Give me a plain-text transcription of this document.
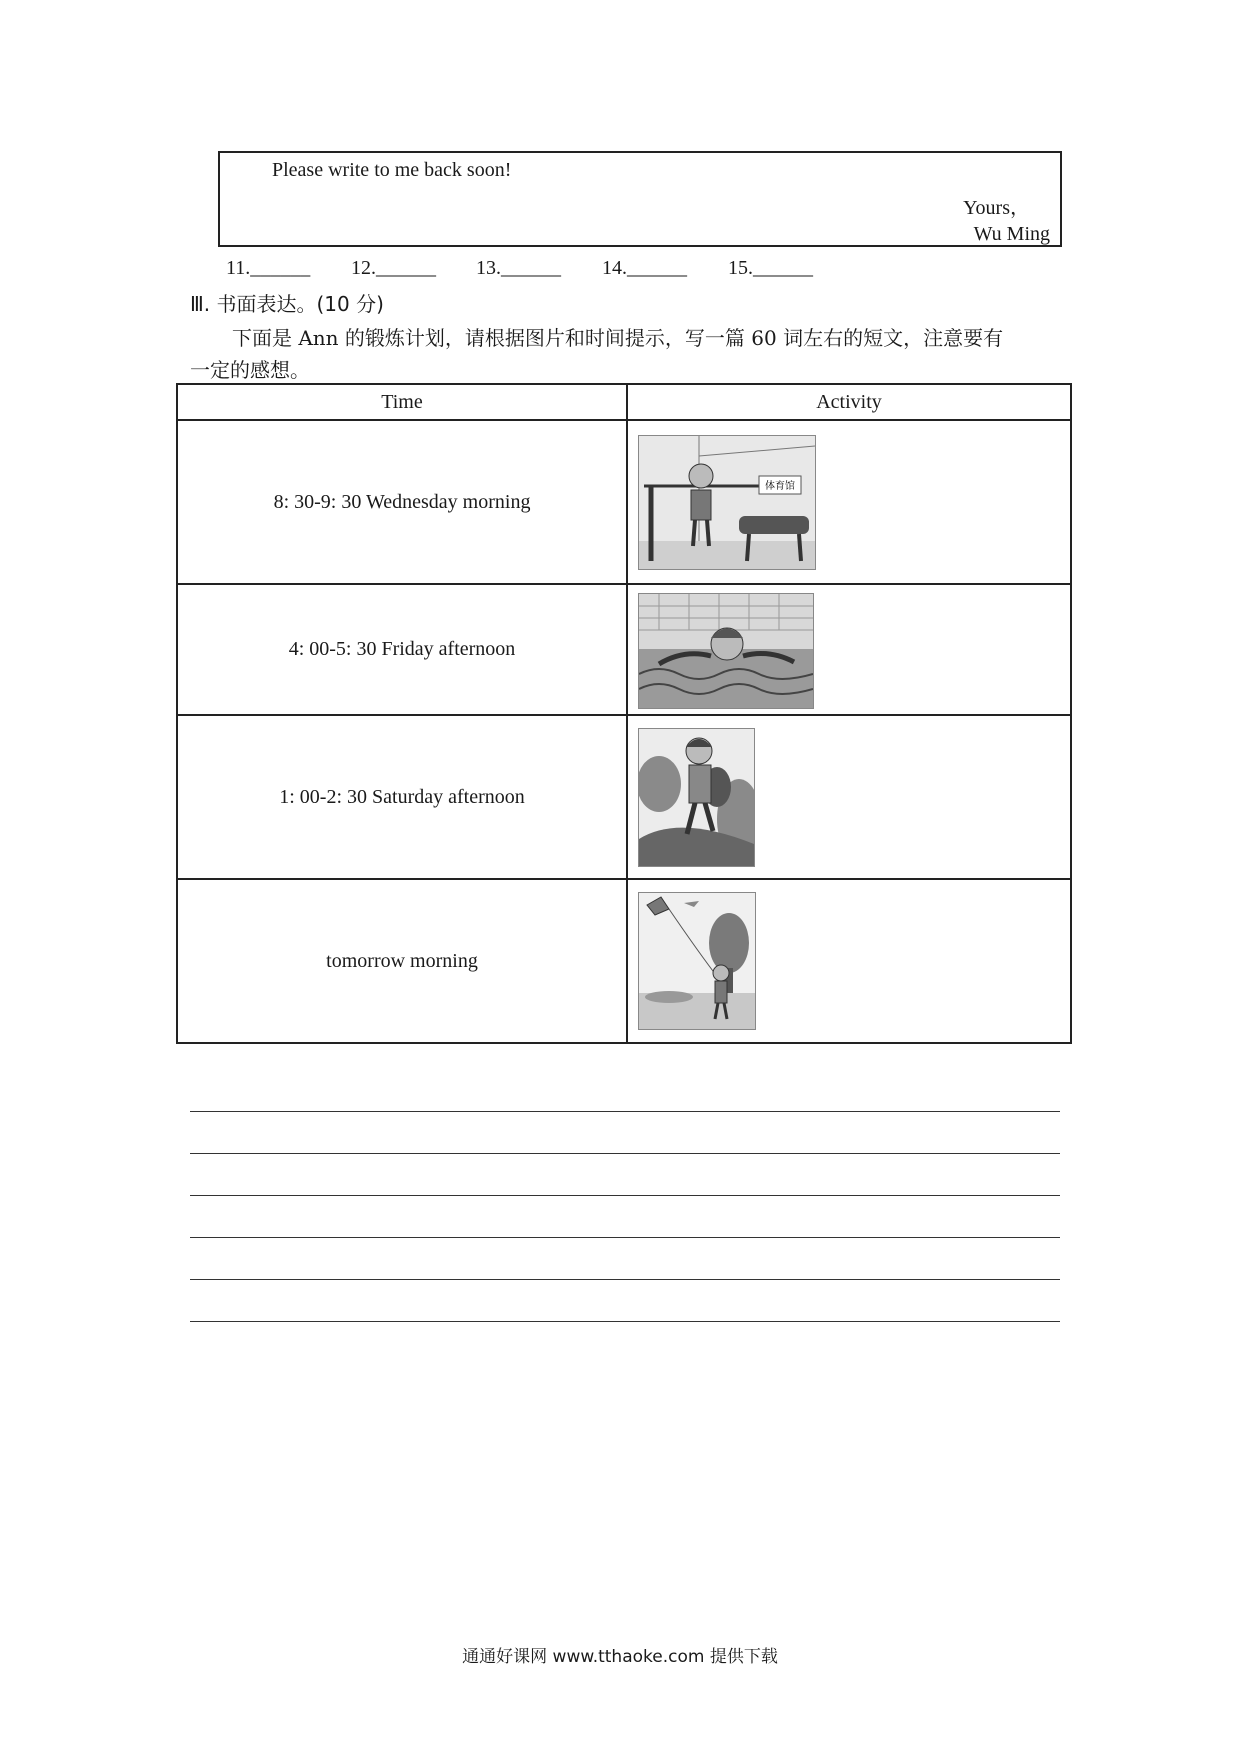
Please write to me back soon!
Yours，
Wu Ming
11.______ 12.______ 13.______ 14.______ 15.______
Ⅲ. 书面表达。(10 分)
下面是 Ann 的锻炼计划，请根据图片和时间提示，写一篇 60 词左右的短文，注意要有
一定的感想。
Time	Activity
8: 30-9: 30 Wednesday morning	体育馆

4: 00-5: 30 Friday afternoon	

1: 00-2: 30 Saturday afternoon	

tomorrow morning	
通通好课网 www.tthaoke.com 提供下载
